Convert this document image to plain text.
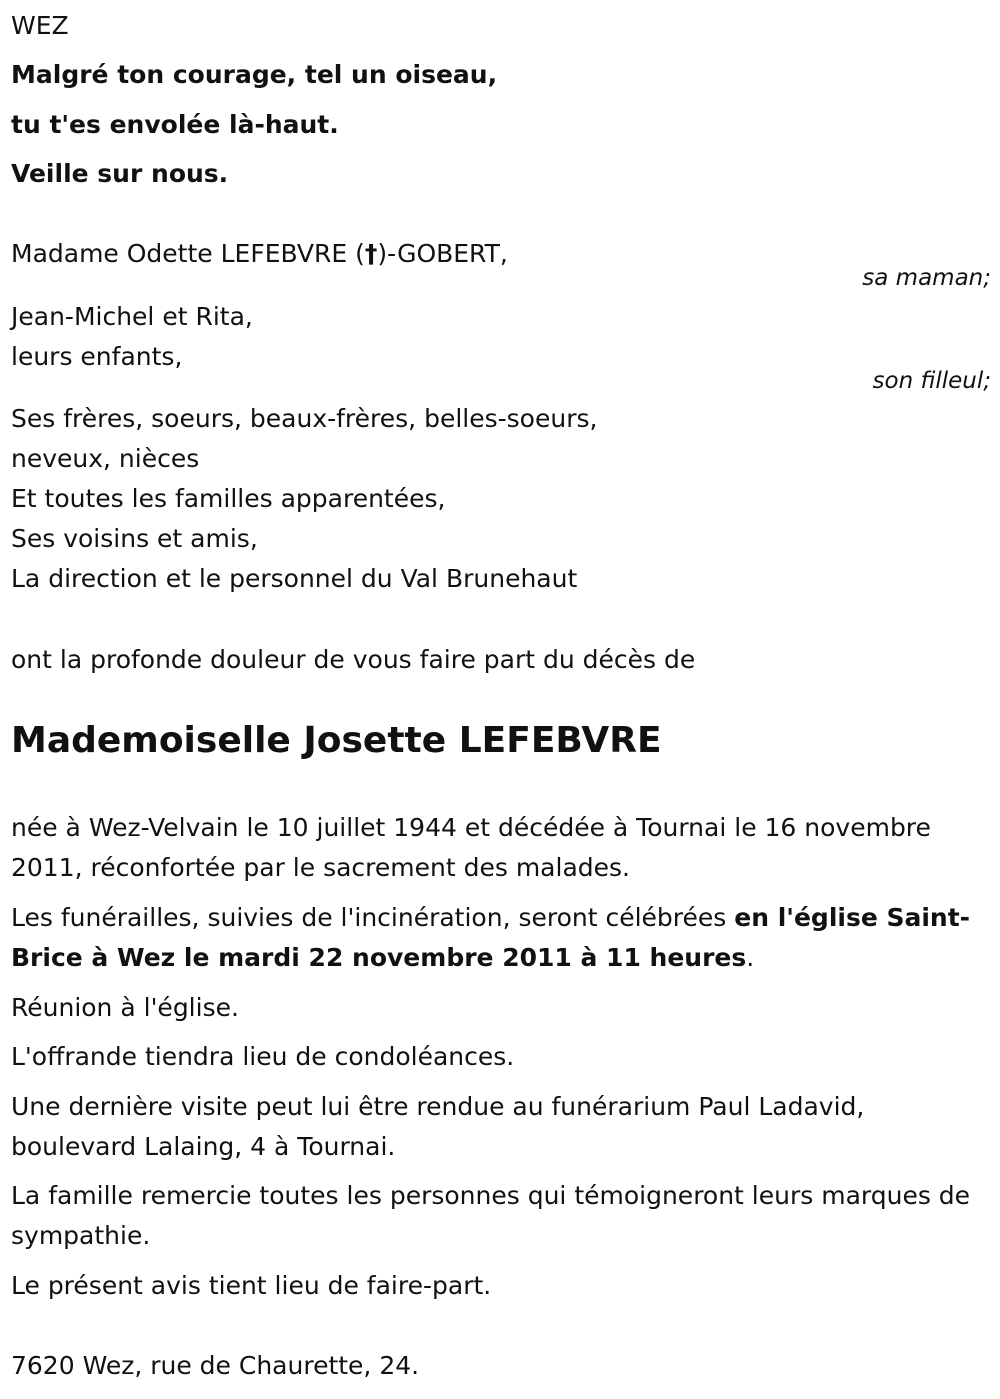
WEZ
Malgré ton courage, tel un oiseau,
tu t'es envolée là-haut.
Veille sur nous.
Madame Odette LEFEBVRE (†)-GOBERT,
sa maman;
Jean-Michel et Rita,
leurs enfants,
son filleul;
Ses frères, soeurs, beaux-frères, belles-soeurs,
neveux, nièces
Et toutes les familles apparentées,
Ses voisins et amis,
La direction et le personnel du Val Brunehaut
ont la profonde douleur de vous faire part du décès de
Mademoiselle Josette LEFEBVRE
née à Wez-Velvain le 10 juillet 1944 et décédée à Tournai le 16 novembre 2011, réconfortée par le sacrement des malades.
Les funérailles, suivies de l'incinération, seront célébrées en l'église Saint-Brice à Wez le mardi 22 novembre 2011 à 11 heures.
Réunion à l'église.
L'offrande tiendra lieu de condoléances.
Une dernière visite peut lui être rendue au funérarium Paul Ladavid, boulevard Lalaing, 4 à Tournai.
La famille remercie toutes les personnes qui témoigneront leurs marques de sympathie.
Le présent avis tient lieu de faire-part.
7620 Wez, rue de Chaurette, 24.
